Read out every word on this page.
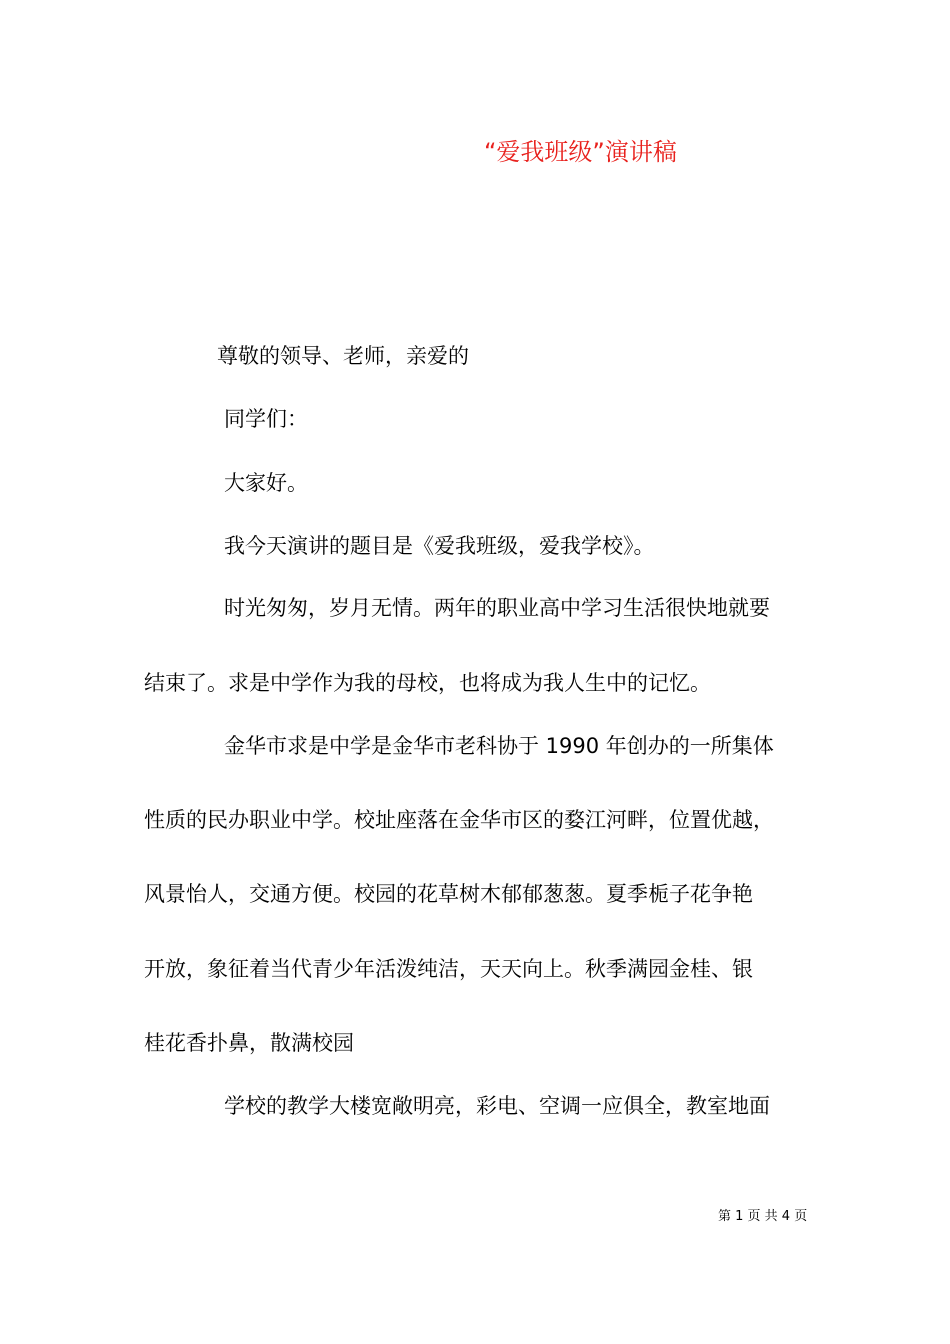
“爱我班级”演讲稿
尊敬的领导、老师，亲爱的
同学们：
大家好。
我今天演讲的题目是《爱我班级，爱我学校》。
时光匆匆，岁月无情。两年的职业高中学习生活很快地就要
结束了。求是中学作为我的母校，也将成为我人生中的记忆。
金华市求是中学是金华市老科协于 1990 年创办的一所集体
性质的民办职业中学。校址座落在金华市区的婺江河畔，位置优越，
风景怡人，交通方便。校园的花草树木郁郁葱葱。夏季栀子花争艳
开放，象征着当代青少年活泼纯洁，天天向上。秋季满园金桂、银
桂花香扑鼻，散满校园
学校的教学大楼宽敞明亮，彩电、空调一应俱全，教室地面
第 1 页 共 4 页
